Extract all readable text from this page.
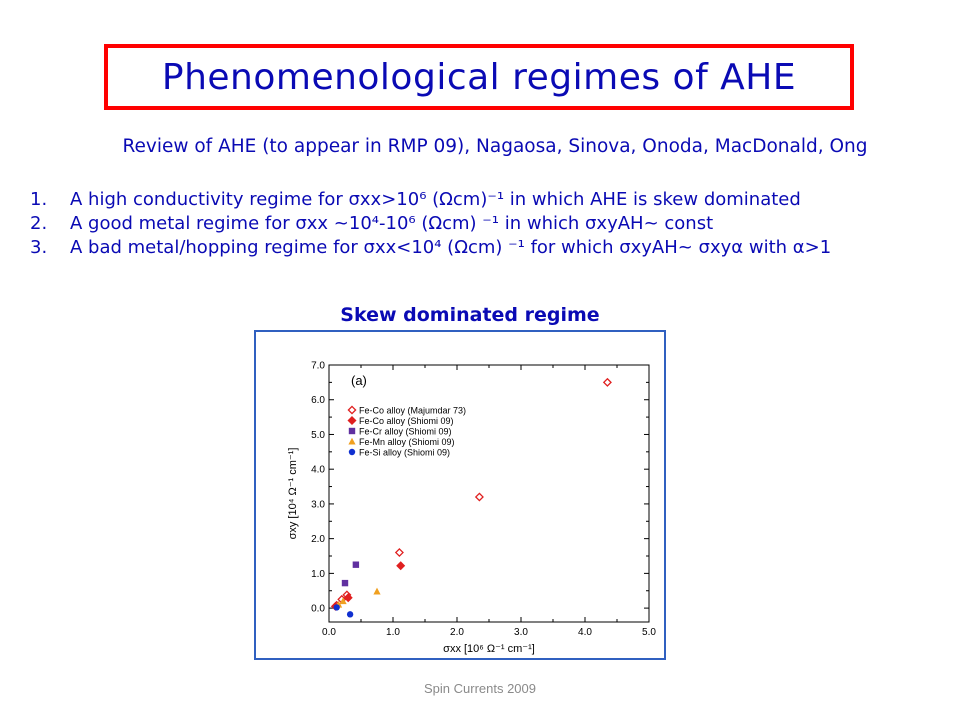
Phenomenological regimes of AHE
Review of AHE (to appear in RMP 09), Nagaosa, Sinova, Onoda, MacDonald, Ong
1. A high conductivity regime for σxx>10⁶ (Ωcm)⁻¹ in which AHE is skew dominated
2. A good metal regime for σxx ~10⁴-10⁶ (Ωcm) ⁻¹ in which σxyAH~ const
3. A bad metal/hopping regime for σxx<10⁴ (Ωcm) ⁻¹ for which σxyAH~ σxyα with α>1
Skew dominated regime
0.0	1.0	2.0	3.0	4.0	5.0
0.0
1.0
2.0
3.0
4.0
5.0
6.0
7.0
σxx [10⁶ Ω⁻¹ cm⁻¹]
σxy [10⁴ Ω⁻¹ cm⁻¹]
(a)
Fe-Co alloy (Majumdar 73)
Fe-Co alloy (Shiomi 09)
Fe-Cr alloy (Shiomi 09)
Fe-Mn alloy (Shiomi 09)
Fe-Si alloy (Shiomi 09)
Spin Currents 2009
